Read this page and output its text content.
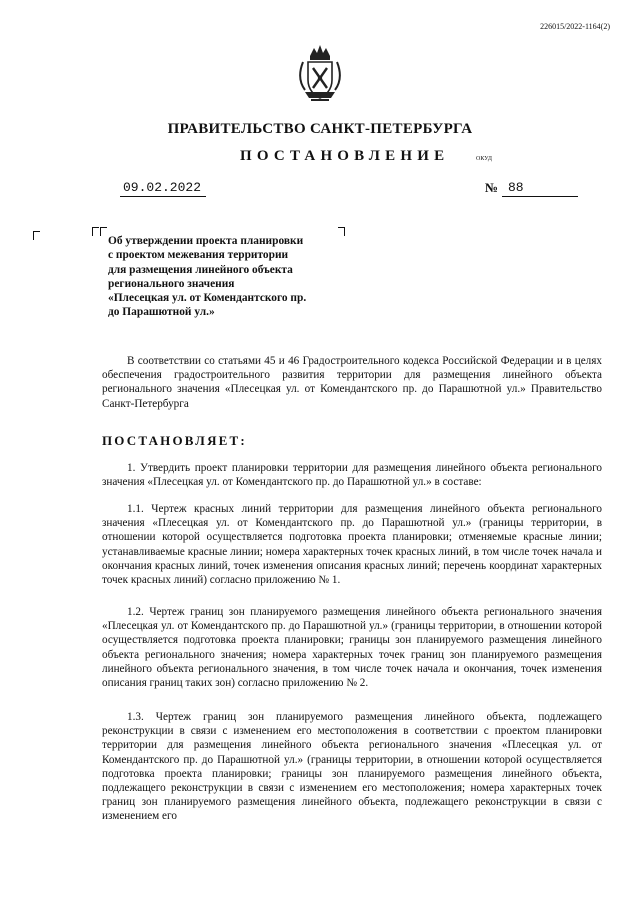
226015/2022-1164(2)
ПРАВИТЕЛЬСТВО САНКТ-ПЕТЕРБУРГА
ПОСТАНОВЛЕНИЕ	ОКУД
09.02.2022	№ 88
Об утверждении проекта планировки
с проектом межевания территории
для размещения линейного объекта
регионального значения
«Плесецкая ул. от Комендантского пр.
до Парашютной ул.»
В соответствии со статьями 45 и 46 Градостроительного кодекса Российской Федерации и в целях обеспечения градостроительного развития территории для размещения линейного объекта регионального значения «Плесецкая ул. от Комендантского пр. до Парашютной ул.» Правительство Санкт-Петербурга
ПОСТАНОВЛЯЕТ:
1. Утвердить проект планировки территории для размещения линейного объекта регионального значения «Плесецкая ул. от Комендантского пр. до Парашютной ул.» в составе:
1.1. Чертеж красных линий территории для размещения линейного объекта регионального значения «Плесецкая ул. от Комендантского пр. до Парашютной ул.» (границы территории, в отношении которой осуществляется подготовка проекта планировки; отменяемые красные линии; устанавливаемые красные линии; номера характерных точек красных линий, в том числе точек начала и окончания красных линий, точек изменения описания красных линий; перечень координат характерных точек красных линий) согласно приложению № 1.
1.2. Чертеж границ зон планируемого размещения линейного объекта регионального значения «Плесецкая ул. от Комендантского пр. до Парашютной ул.» (границы территории, в отношении которой осуществляется подготовка проекта планировки; границы зон планируемого размещения линейного объекта регионального значения; номера характерных точек границ зон планируемого размещения линейного объекта регионального значения, в том числе точек начала и окончания, точек изменения описания границ таких зон) согласно приложению № 2.
1.3. Чертеж границ зон планируемого размещения линейного объекта, подлежащего реконструкции в связи с изменением его местоположения в соответствии с проектом планировки территории для размещения линейного объекта регионального значения «Плесецкая ул. от Комендантского пр. до Парашютной ул.» (границы территории, в отношении которой осуществляется подготовка проекта планировки; границы зон планируемого размещения линейного объекта, подлежащего реконструкции в связи с изменением его местоположения; номера характерных точек границ зон планируемого размещения линейного объекта, подлежащего реконструкции в связи с изменением его
